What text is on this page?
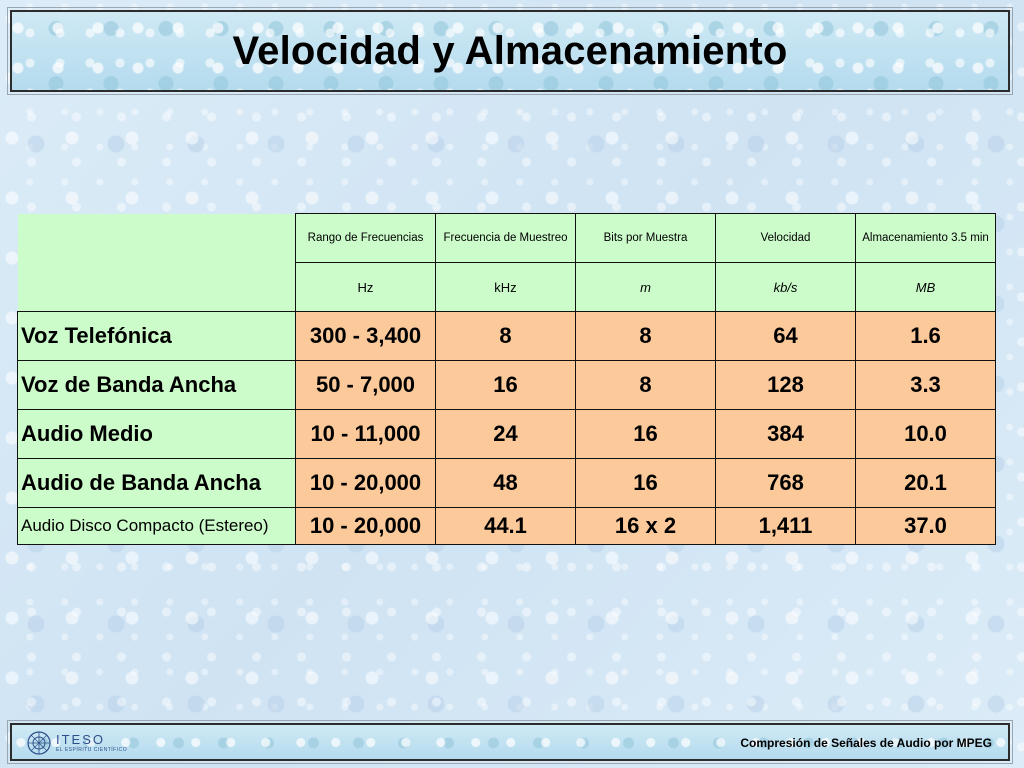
Velocidad y Almacenamiento
	Rango de Frecuencias	Frecuencia de Muestreo	Bits por Muestra	Velocidad	Almacenamiento 3.5 min
	Hz	kHz	m	kb/s	MB
Voz Telefónica	300 - 3,400	8	8	64	1.6
Voz de Banda Ancha	50 - 7,000	16	8	128	3.3
Audio Medio	10 - 11,000	24	16	384	10.0
Audio de Banda Ancha	10 - 20,000	48	16	768	20.1
Audio Disco Compacto (Estereo)	10 - 20,000	44.1	16 x 2	1,411	37.0
ITESO
EL ESPÍRITU CIENTÍFICO	Compresión de Señales de Audio por MPEG
